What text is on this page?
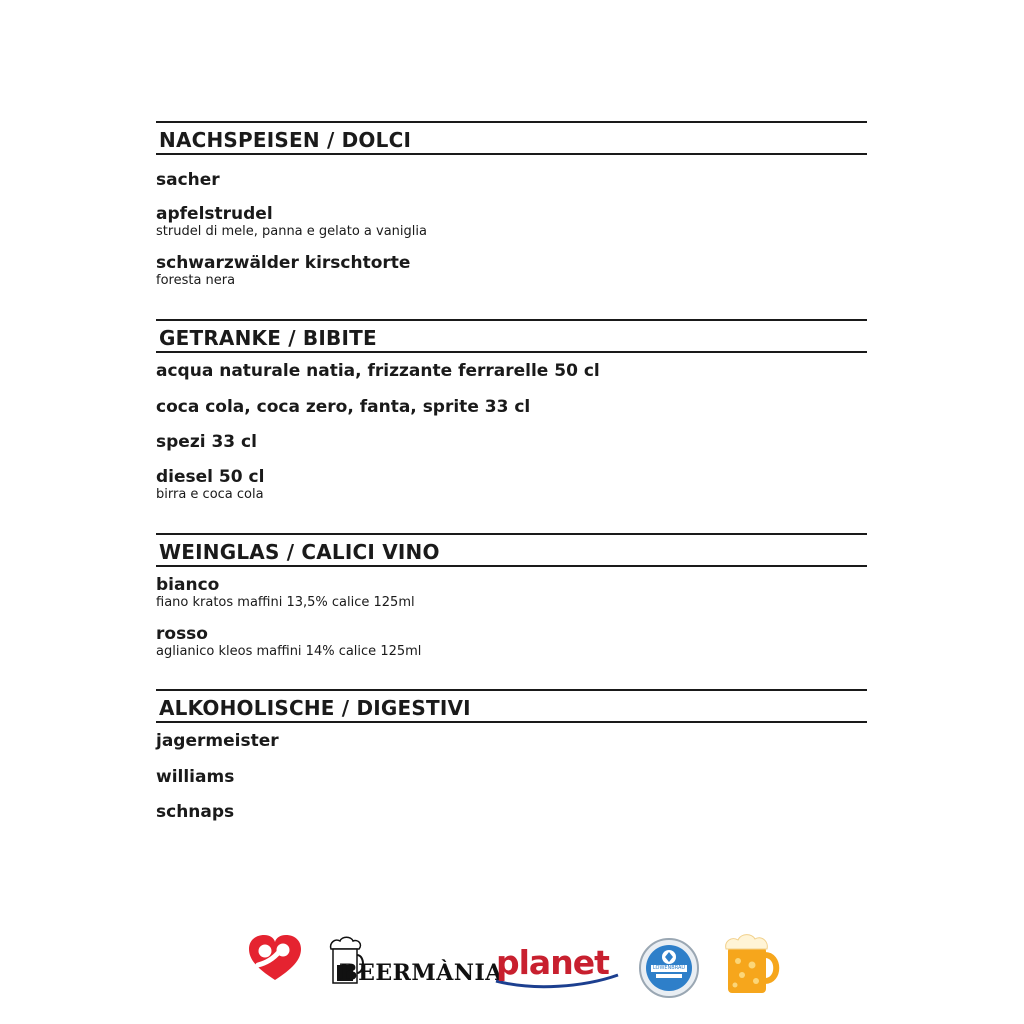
NACHSPEISEN / DOLCI
sacher
apfelstrudel
strudel di mele, panna e gelato a vaniglia
schwarzwälder kirschtorte
foresta nera
GETRANKE / BIBITE
acqua naturale natia, frizzante ferrarelle 50 cl
coca cola, coca zero, fanta, sprite 33 cl
spezi 33 cl
diesel 50 cl
birra e coca cola
WEINGLAS / CALICI VINO
bianco
fiano kratos maffini 13,5% calice 125ml
rosso
aglianico kleos maffini 14% calice 125ml
ALKOHOLISCHE / DIGESTIVI
jagermeister
williams
schnaps
BEERMÀNIA
planet	LÖWENBRÄU
